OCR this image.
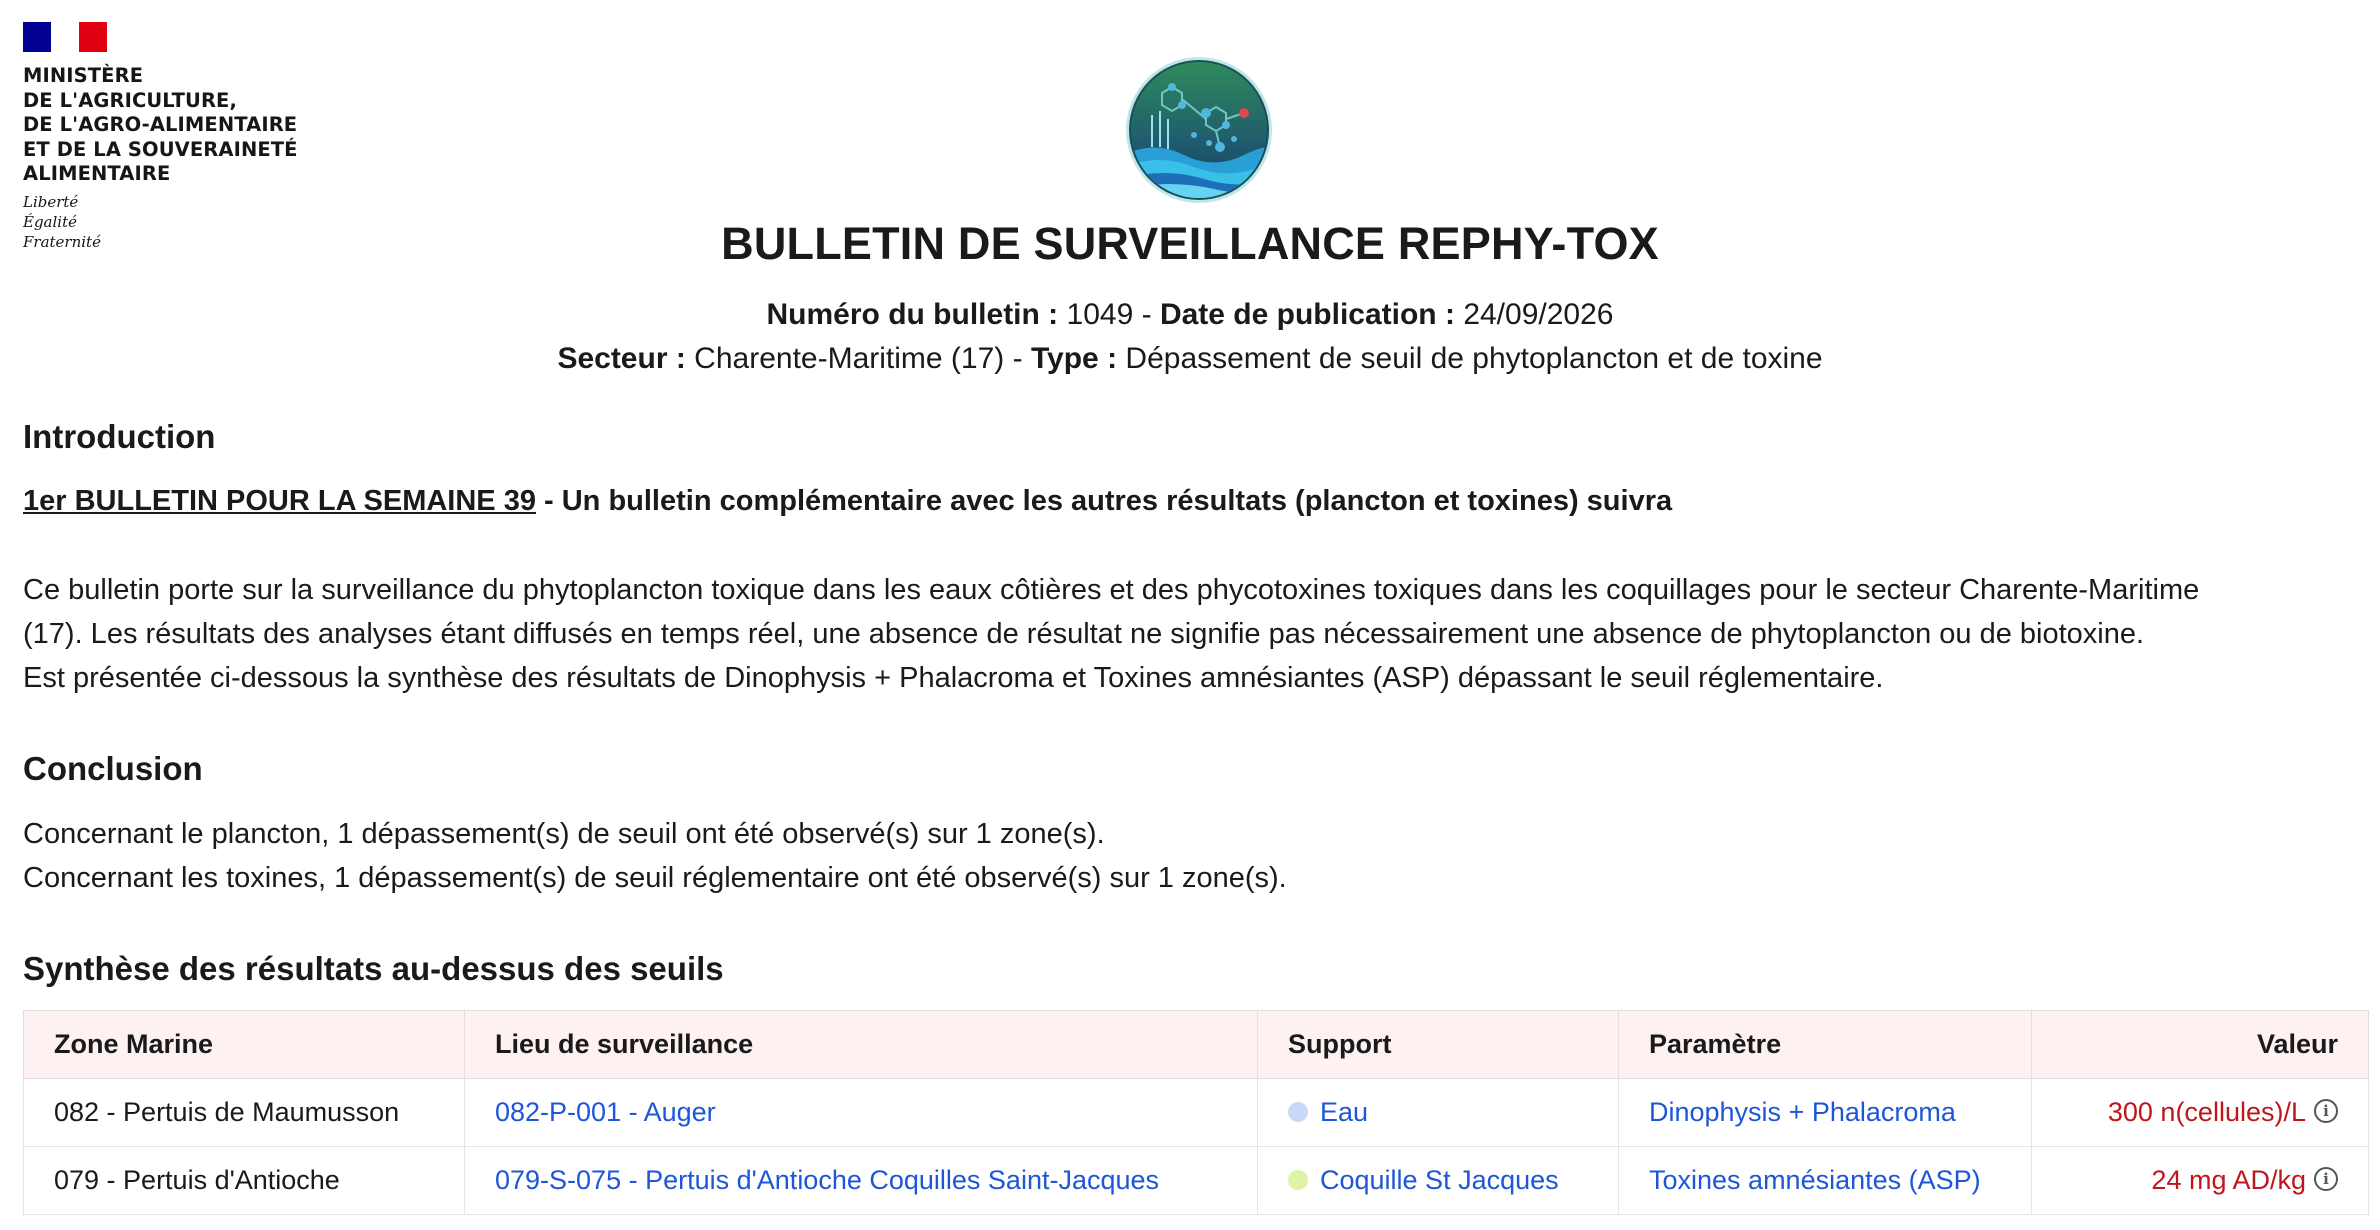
MINISTÈRE
DE L'AGRICULTURE,
DE L'AGRO-ALIMENTAIRE
ET DE LA SOUVERAINETÉ
ALIMENTAIRE
Liberté
Égalité
Fraternité	BULLETIN DE SURVEILLANCE REPHY-TOX
Numéro du bulletin : 1049 - Date de publication : 24/09/2026
Secteur : Charente-Maritime (17) - Type : Dépassement de seuil de phytoplancton et de toxine
Introduction
1er BULLETIN POUR LA SEMAINE 39 - Un bulletin complémentaire avec les autres résultats (plancton et toxines) suivra
Ce bulletin porte sur la surveillance du phytoplancton toxique dans les eaux côtières et des phycotoxines toxiques dans les coquillages pour le secteur Charente-Maritime
(17). Les résultats des analyses étant diffusés en temps réel, une absence de résultat ne signifie pas nécessairement une absence de phytoplancton ou de biotoxine.
Est présentée ci-dessous la synthèse des résultats de Dinophysis + Phalacroma et Toxines amnésiantes (ASP) dépassant le seuil réglementaire.
Conclusion
Concernant le plancton, 1 dépassement(s) de seuil ont été observé(s) sur 1 zone(s).
Concernant les toxines, 1 dépassement(s) de seuil réglementaire ont été observé(s) sur 1 zone(s).
Synthèse des résultats au-dessus des seuils
Zone Marine	Lieu de surveillance	Support	Paramètre	Valeur
082 - Pertuis de Maumusson	082-P-001 - Auger	Eau	Dinophysis + Phalacroma	300 n(cellules)/L i
079 - Pertuis d'Antioche	079-S-075 - Pertuis d'Antioche Coquilles Saint-Jacques	Coquille St Jacques	Toxines amnésiantes (ASP)	24 mg AD/kg i
